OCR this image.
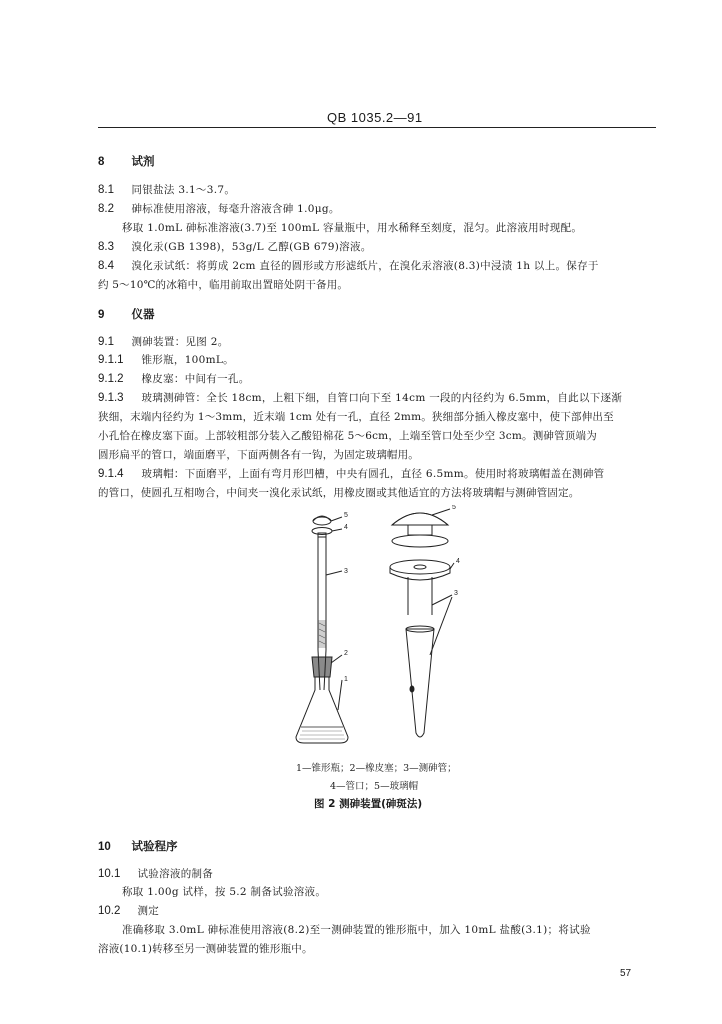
QB 1035.2—91
8 试剂
8.1 同银盐法 3.1～3.7。
8.2 砷标准使用溶液，每毫升溶液含砷 1.0μg。
移取 1.0mL 砷标准溶液(3.7)至 100mL 容量瓶中，用水稀释至刻度，混匀。此溶液用时现配。
8.3 溴化汞(GB 1398)，53g/L 乙醇(GB 679)溶液。
8.4 溴化汞试纸：将剪成 2cm 直径的圆形或方形滤纸片，在溴化汞溶液(8.3)中浸渍 1h 以上。保存于
约 5～10℃的冰箱中，临用前取出置暗处阴干备用。
9 仪器
9.1 测砷装置：见图 2。
9.1.1 锥形瓶，100mL。
9.1.2 橡皮塞：中间有一孔。
9.1.3 玻璃测砷管：全长 18cm，上粗下细，自管口向下至 14cm 一段的内径约为 6.5mm，自此以下逐渐
狭细，末端内径约为 1～3mm，近末端 1cm 处有一孔，直径 2mm。狭细部分插入橡皮塞中，使下部伸出至
小孔恰在橡皮塞下面。上部较粗部分装入乙酸铅棉花 5～6cm，上端至管口处至少空 3cm。测砷管顶端为
圆形扁平的管口，端面磨平，下面两侧各有一钩，为固定玻璃帽用。
9.1.4 玻璃帽：下面磨平，上面有弯月形凹槽，中央有圆孔，直径 6.5mm。使用时将玻璃帽盖在测砷管
的管口，使圆孔互相吻合，中间夹一溴化汞试纸，用橡皮圈或其他适宜的方法将玻璃帽与测砷管固定。
5
4
3
2
1
5
4
3
1—锥形瓶；2—橡皮塞；3—测砷管；
4—管口；5—玻璃帽
图 2 测砷装置(砷斑法)
10 试验程序
10.1 试验溶液的制备
称取 1.00g 试样，按 5.2 制备试验溶液。
10.2 测定
准确移取 3.0mL 砷标准使用溶液(8.2)至一测砷装置的锥形瓶中，加入 10mL 盐酸(3.1)；将试验
溶液(10.1)转移至另一测砷装置的锥形瓶中。
57
